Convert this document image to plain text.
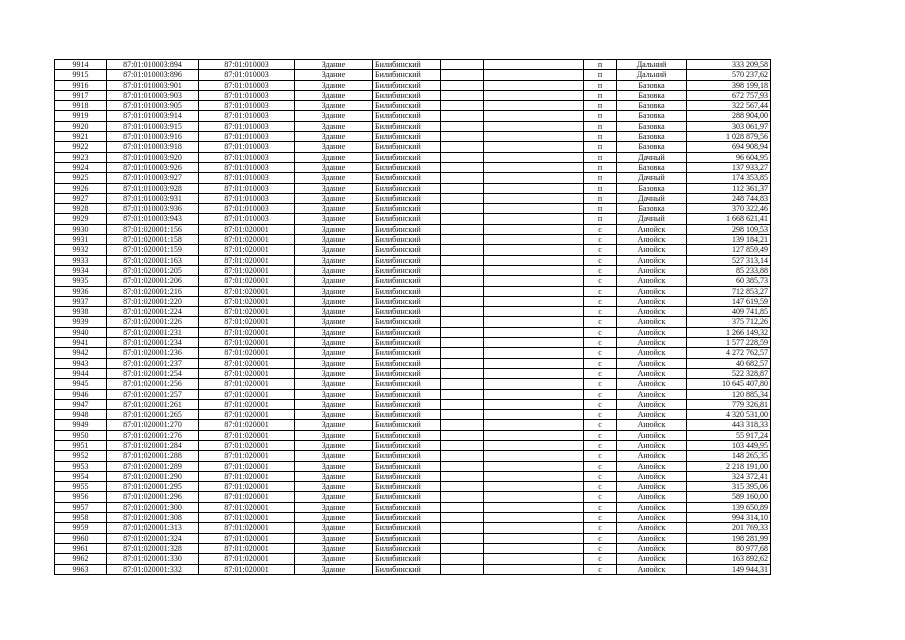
9914	87:01:010003:894	87:01:010003	Здание	Билибинский			п	Дальний	333 209,58
9915	87:01:010003:896	87:01:010003	Здание	Билибинский			п	Дальний	570 237,62
9916	87:01:010003:901	87:01:010003	Здание	Билибинский			п	Базовка	398 199,18
9917	87:01:010003:903	87:01:010003	Здание	Билибинский			п	Базовка	672 757,93
9918	87:01:010003:905	87:01:010003	Здание	Билибинский			п	Базовка	322 567,44
9919	87:01:010003:914	87:01:010003	Здание	Билибинский			п	Базовка	288 904,00
9920	87:01:010003:915	87:01:010003	Здание	Билибинский			п	Базовка	303 061,97
9921	87:01:010003:916	87:01:010003	Здание	Билибинский			п	Базовка	1 028 879,56
9922	87:01:010003:918	87:01:010003	Здание	Билибинский			п	Базовка	694 908,94
9923	87:01:010003:920	87:01:010003	Здание	Билибинский			п	Дачный	96 604,95
9924	87:01:010003:926	87:01:010003	Здание	Билибинский			п	Базовка	137 933,27
9925	87:01:010003:927	87:01:010003	Здание	Билибинский			п	Дачный	174 353,85
9926	87:01:010003:928	87:01:010003	Здание	Билибинский			п	Базовка	112 361,37
9927	87:01:010003:931	87:01:010003	Здание	Билибинский			п	Дачный	248 744,83
9928	87:01:010003:936	87:01:010003	Здание	Билибинский			п	Базовка	370 322,46
9929	87:01:010003:943	87:01:010003	Здание	Билибинский			п	Дачный	1 668 621,41
9930	87:01:020001:156	87:01:020001	Здание	Билибинский			с	Анюйск	298 109,53
9931	87:01:020001:158	87:01:020001	Здание	Билибинский			с	Анюйск	139 184,21
9932	87:01:020001:159	87:01:020001	Здание	Билибинский			с	Анюйск	127 859,49
9933	87:01:020001:163	87:01:020001	Здание	Билибинский			с	Анюйск	527 313,14
9934	87:01:020001:205	87:01:020001	Здание	Билибинский			с	Анюйск	85 233,88
9935	87:01:020001:206	87:01:020001	Здание	Билибинский			с	Анюйск	60 385,73
9936	87:01:020001:216	87:01:020001	Здание	Билибинский			с	Анюйск	712 853,27
9937	87:01:020001:220	87:01:020001	Здание	Билибинский			с	Анюйск	147 619,59
9938	87:01:020001:224	87:01:020001	Здание	Билибинский			с	Анюйск	409 741,85
9939	87:01:020001:226	87:01:020001	Здание	Билибинский			с	Анюйск	375 712,26
9940	87:01:020001:231	87:01:020001	Здание	Билибинский			с	Анюйск	1 266 149,32
9941	87:01:020001:234	87:01:020001	Здание	Билибинский			с	Анюйск	1 577 228,59
9942	87:01:020001:236	87:01:020001	Здание	Билибинский			с	Анюйск	4 272 762,57
9943	87:01:020001:237	87:01:020001	Здание	Билибинский			с	Анюйск	40 682,57
9944	87:01:020001:254	87:01:020001	Здание	Билибинский			с	Анюйск	522 328,87
9945	87:01:020001:256	87:01:020001	Здание	Билибинский			с	Анюйск	10 645 407,80
9946	87:01:020001:257	87:01:020001	Здание	Билибинский			с	Анюйск	120 885,34
9947	87:01:020001:261	87:01:020001	Здание	Билибинский			с	Анюйск	779 326,81
9948	87:01:020001:265	87:01:020001	Здание	Билибинский			с	Анюйск	4 320 531,00
9949	87:01:020001:270	87:01:020001	Здание	Билибинский			с	Анюйск	443 318,33
9950	87:01:020001:276	87:01:020001	Здание	Билибинский			с	Анюйск	55 917,24
9951	87:01:020001:284	87:01:020001	Здание	Билибинский			с	Анюйск	103 449,95
9952	87:01:020001:288	87:01:020001	Здание	Билибинский			с	Анюйск	148 265,35
9953	87:01:020001:289	87:01:020001	Здание	Билибинский			с	Анюйск	2 218 191,00
9954	87:01:020001:290	87:01:020001	Здание	Билибинский			с	Анюйск	324 372,41
9955	87:01:020001:295	87:01:020001	Здание	Билибинский			с	Анюйск	315 395,06
9956	87:01:020001:296	87:01:020001	Здание	Билибинский			с	Анюйск	589 160,00
9957	87:01:020001:300	87:01:020001	Здание	Билибинский			с	Анюйск	139 650,89
9958	87:01:020001:308	87:01:020001	Здание	Билибинский			с	Анюйск	994 314,10
9959	87:01:020001:313	87:01:020001	Здание	Билибинский			с	Анюйск	201 769,33
9960	87:01:020001:324	87:01:020001	Здание	Билибинский			с	Анюйск	198 281,99
9961	87:01:020001:328	87:01:020001	Здание	Билибинский			с	Анюйск	80 977,68
9962	87:01:020001:330	87:01:020001	Здание	Билибинский			с	Анюйск	163 892,62
9963	87:01:020001:332	87:01:020001	Здание	Билибинский			с	Анюйск	149 944,31
